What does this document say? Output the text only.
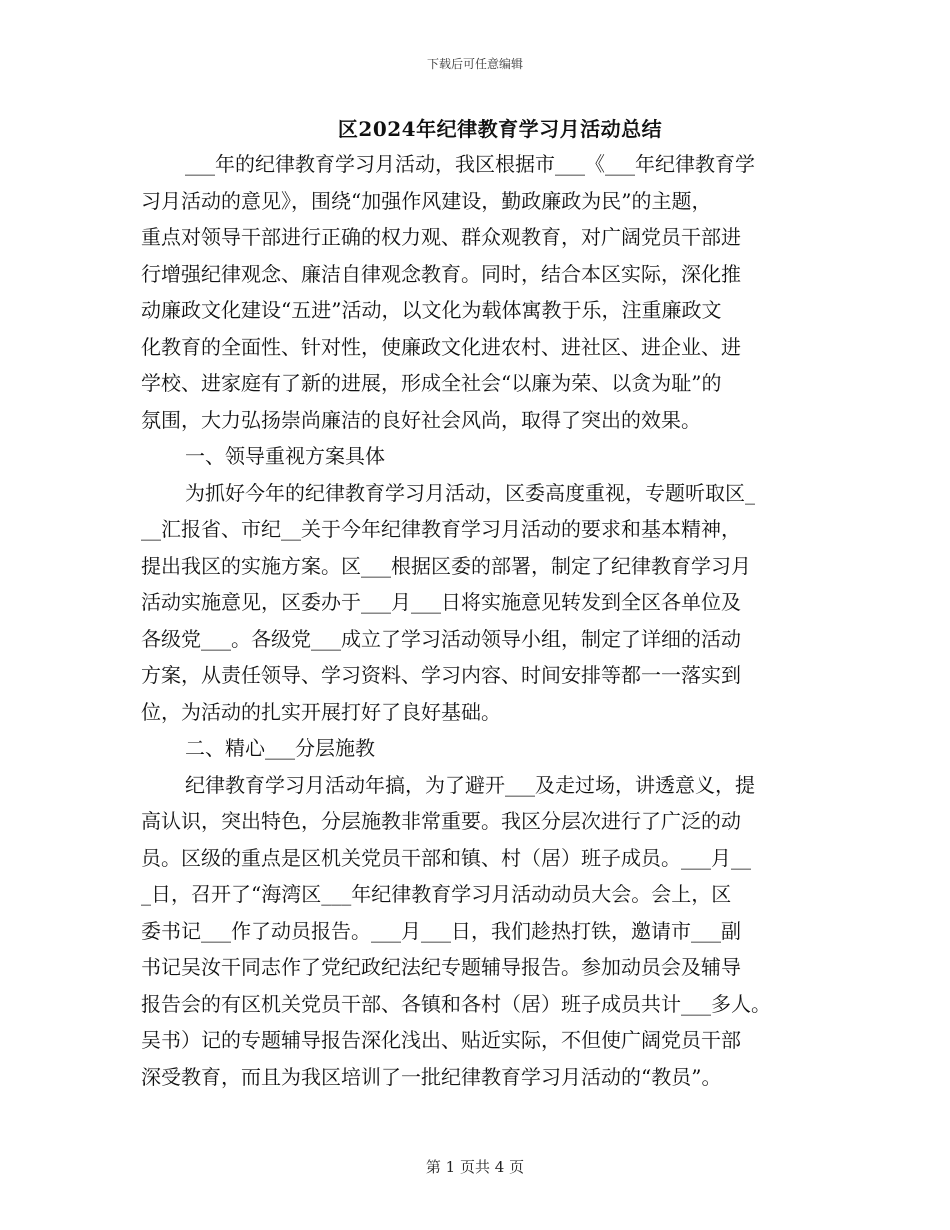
下载后可任意编辑
区2024年纪律教育学习月活动总结
___年的纪律教育学习月活动，我区根据市___《___年纪律教育学
习月活动的意见》，围绕“加强作风建设，勤政廉政为民”的主题，
重点对领导干部进行正确的权力观、群众观教育，对广阔党员干部进
行增强纪律观念、廉洁自律观念教育。同时，结合本区实际，深化推
动廉政文化建设“五进”活动，以文化为载体寓教于乐，注重廉政文
化教育的全面性、针对性，使廉政文化进农村、进社区、进企业、进
学校、进家庭有了新的进展，形成全社会“以廉为荣、以贪为耻”的
氛围，大力弘扬崇尚廉洁的良好社会风尚，取得了突出的效果。
一、领导重视方案具体
为抓好今年的纪律教育学习月活动，区委高度重视，专题听取区_
__汇报省、市纪__关于今年纪律教育学习月活动的要求和基本精神，
提出我区的实施方案。区___根据区委的部署，制定了纪律教育学习月
活动实施意见，区委办于___月___日将实施意见转发到全区各单位及
各级党___。各级党___成立了学习活动领导小组，制定了详细的活动
方案，从责任领导、学习资料、学习内容、时间安排等都一一落实到
位，为活动的扎实开展打好了良好基础。
二、精心___分层施教
纪律教育学习月活动年搞，为了避开___及走过场，讲透意义，提
高认识，突出特色，分层施教非常重要。我区分层次进行了广泛的动
员。区级的重点是区机关党员干部和镇、村（居）班子成员。___月__
_日，召开了“海湾区___年纪律教育学习月活动动员大会。会上，区
委书记___作了动员报告。___月___日，我们趁热打铁，邀请市___副
书记吴汝干同志作了党纪政纪法纪专题辅导报告。参加动员会及辅导
报告会的有区机关党员干部、各镇和各村（居）班子成员共计___多人。
吴书）记的专题辅导报告深化浅出、贴近实际，不但使广阔党员干部
深受教育，而且为我区培训了一批纪律教育学习月活动的“教员”。
第 1 页共 4 页
